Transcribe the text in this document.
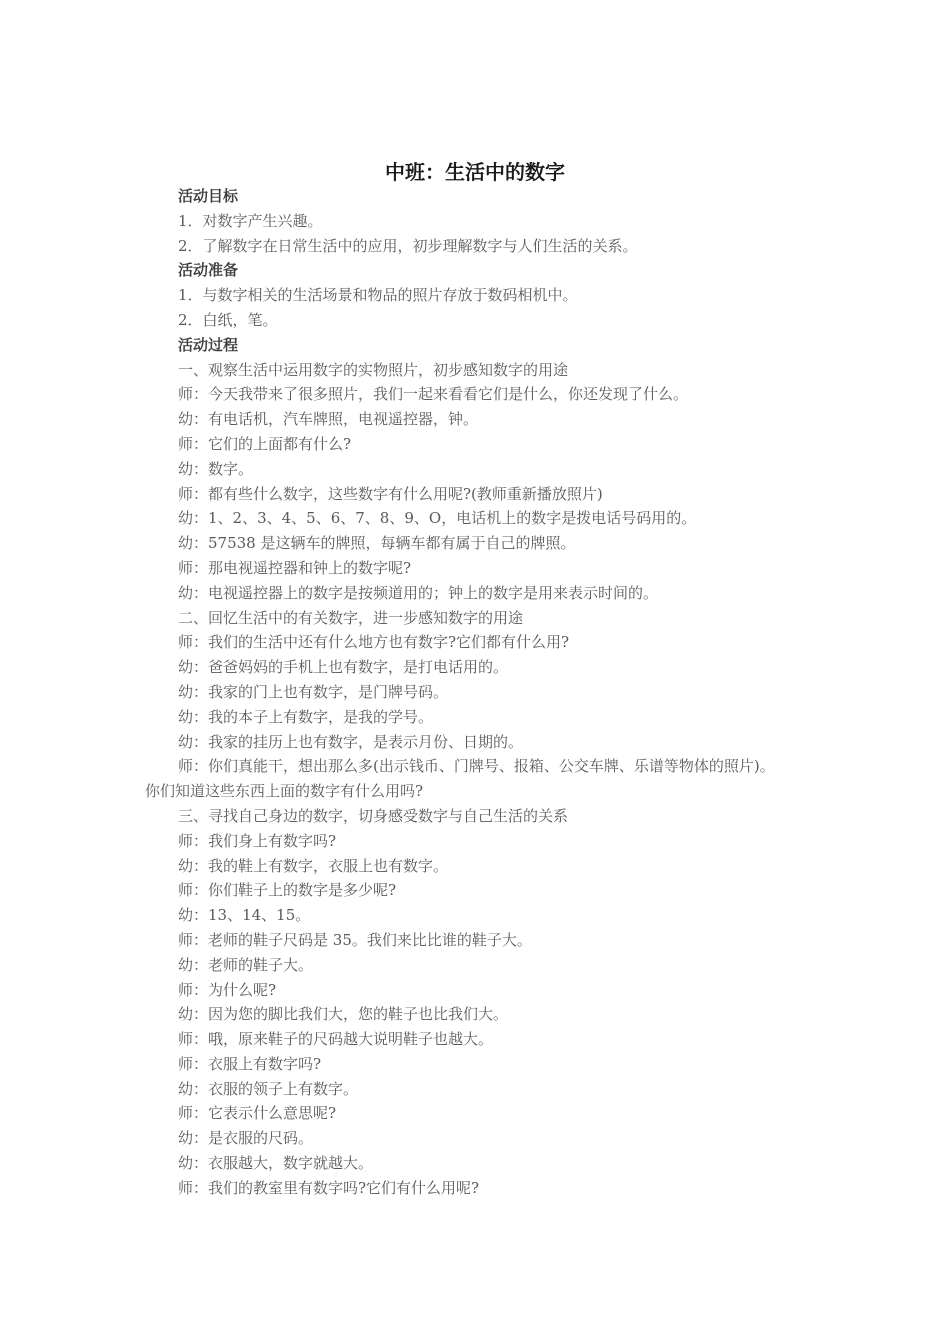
中班：生活中的数字
活动目标
1．对数字产生兴趣。
2．了解数字在日常生活中的应用，初步理解数字与人们生活的关系。
活动准备
1．与数字相关的生活场景和物品的照片存放于数码相机中。
2．白纸，笔。
活动过程
一、观察生活中运用数字的实物照片，初步感知数字的用途
师：今天我带来了很多照片，我们一起来看看它们是什么，你还发现了什么。
幼：有电话机，汽车牌照，电视遥控器，钟。
师：它们的上面都有什么?
幼：数字。
师：都有些什么数字，这些数字有什么用呢?(教师重新播放照片)
幼：1、2、3、4、5、6、7、8、9、O，电话机上的数字是拨电话号码用的。
幼：57538 是这辆车的牌照，每辆车都有属于自己的牌照。
师：那电视遥控器和钟上的数字呢?
幼：电视遥控器上的数字是按频道用的；钟上的数字是用来表示时间的。
二、回忆生活中的有关数字，进一步感知数字的用途
师：我们的生活中还有什么地方也有数字?它们都有什么用?
幼：爸爸妈妈的手机上也有数字，是打电话用的。
幼：我家的门上也有数字，是门牌号码。
幼：我的本子上有数字，是我的学号。
幼：我家的挂历上也有数字，是表示月份、日期的。
师：你们真能干，想出那么多(出示钱币、门牌号、报箱、公交车牌、乐谱等物体的照片)。
你们知道这些东西上面的数字有什么用吗?
三、寻找自己身边的数字，切身感受数字与自己生活的关系
师：我们身上有数字吗?
幼：我的鞋上有数字，衣服上也有数字。
师：你们鞋子上的数字是多少呢?
幼：13、14、15。
师：老师的鞋子尺码是 35。我们来比比谁的鞋子大。
幼：老师的鞋子大。
师：为什么呢?
幼：因为您的脚比我们大，您的鞋子也比我们大。
师：哦，原来鞋子的尺码越大说明鞋子也越大。
师：衣服上有数字吗?
幼：衣服的领子上有数字。
师：它表示什么意思呢?
幼：是衣服的尺码。
幼：衣服越大，数字就越大。
师：我们的教室里有数字吗?它们有什么用呢?
